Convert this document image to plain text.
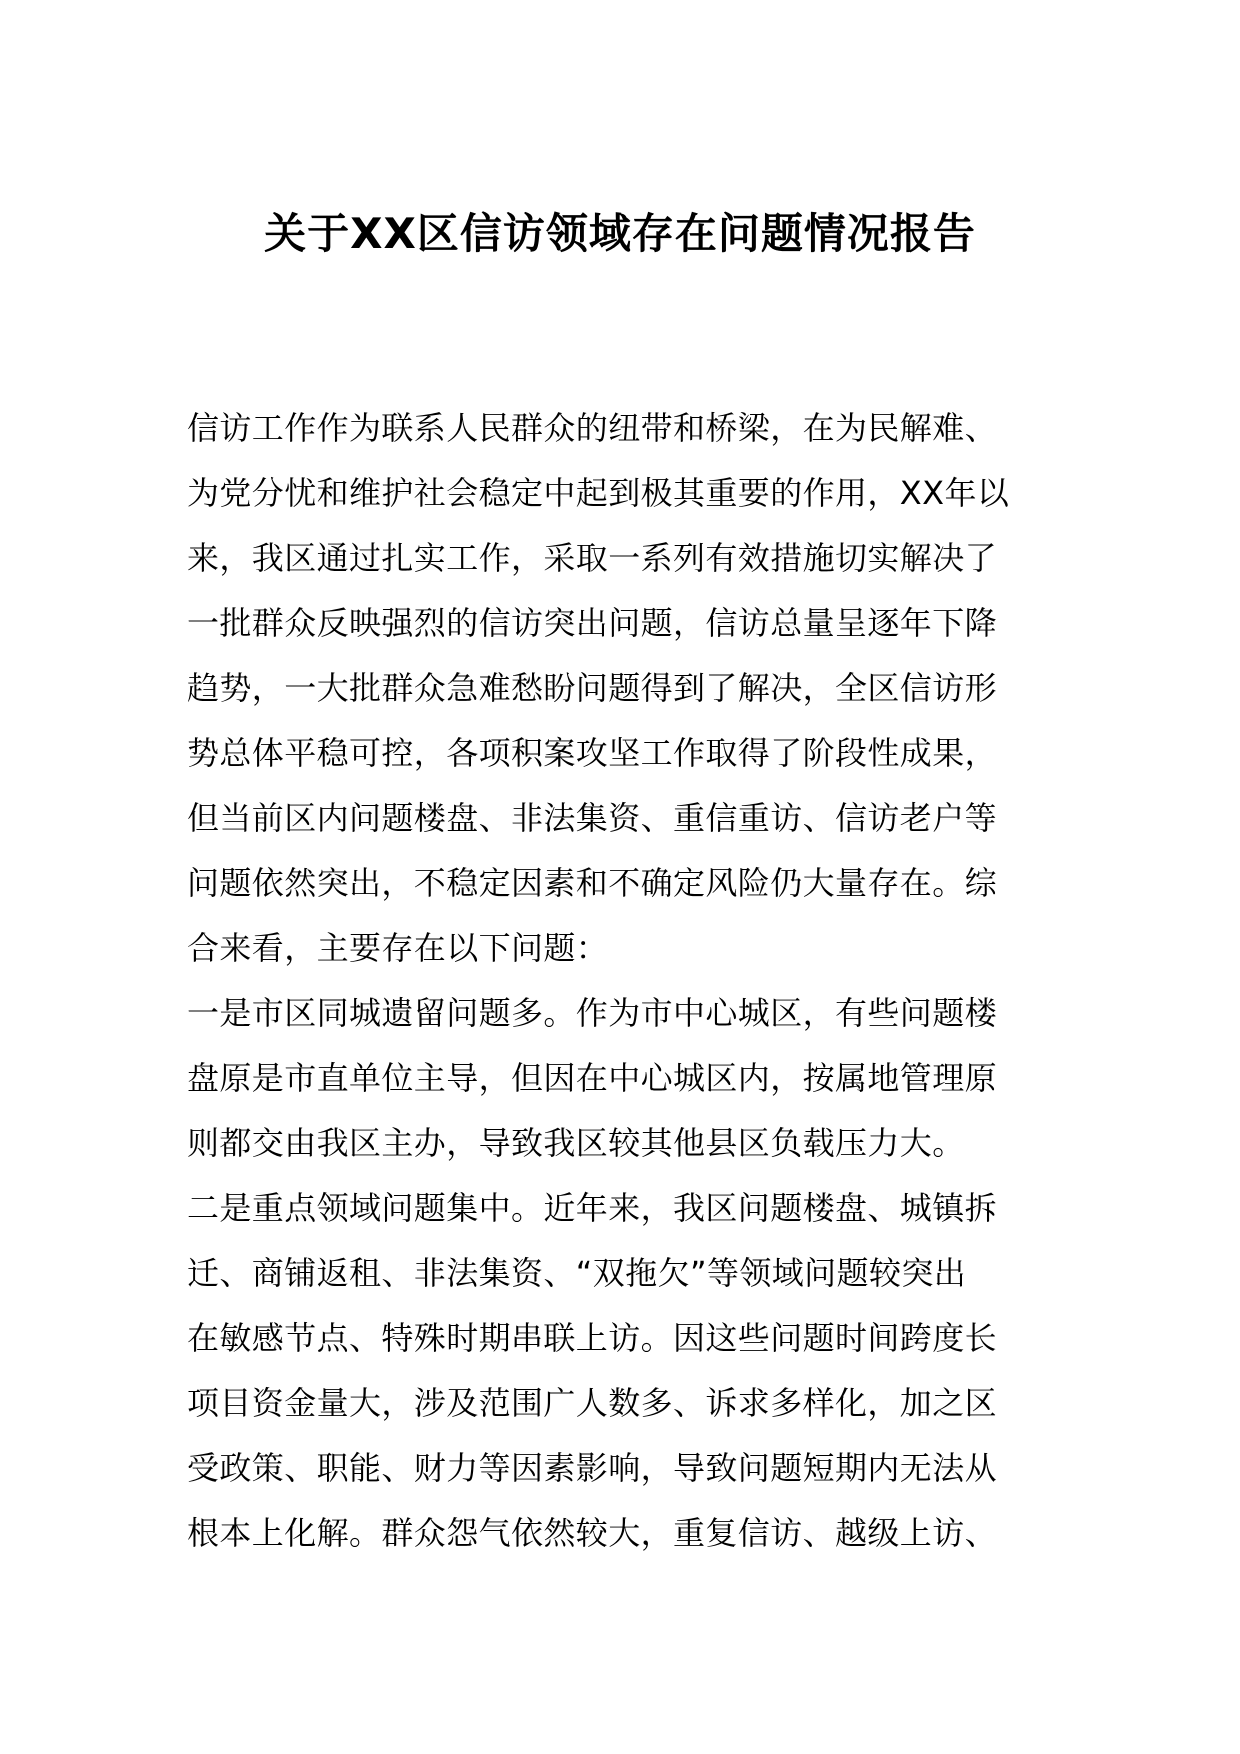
关于XX区信访领域存在问题情况报告
信访工作作为联系人民群众的纽带和桥梁，在为民解难、
为党分忧和维护社会稳定中起到极其重要的作用，XX年以
来，我区通过扎实工作，采取一系列有效措施切实解决了
一批群众反映强烈的信访突出问题，信访总量呈逐年下降
趋势，一大批群众急难愁盼问题得到了解决，全区信访形
势总体平稳可控，各项积案攻坚工作取得了阶段性成果，
但当前区内问题楼盘、非法集资、重信重访、信访老户等
问题依然突出，不稳定因素和不确定风险仍大量存在。综
合来看，主要存在以下问题：
一是市区同城遗留问题多。作为市中心城区，有些问题楼
盘原是市直单位主导，但因在中心城区内，按属地管理原
则都交由我区主办，导致我区较其他县区负载压力大。
二是重点领域问题集中。近年来，我区问题楼盘、城镇拆
迁、商铺返租、非法集资、“双拖欠”等领域问题较突出
在敏感节点、特殊时期串联上访。因这些问题时间跨度长
项目资金量大，涉及范围广人数多、诉求多样化，加之区
受政策、职能、财力等因素影响，导致问题短期内无法从
根本上化解。群众怨气依然较大，重复信访、越级上访、
